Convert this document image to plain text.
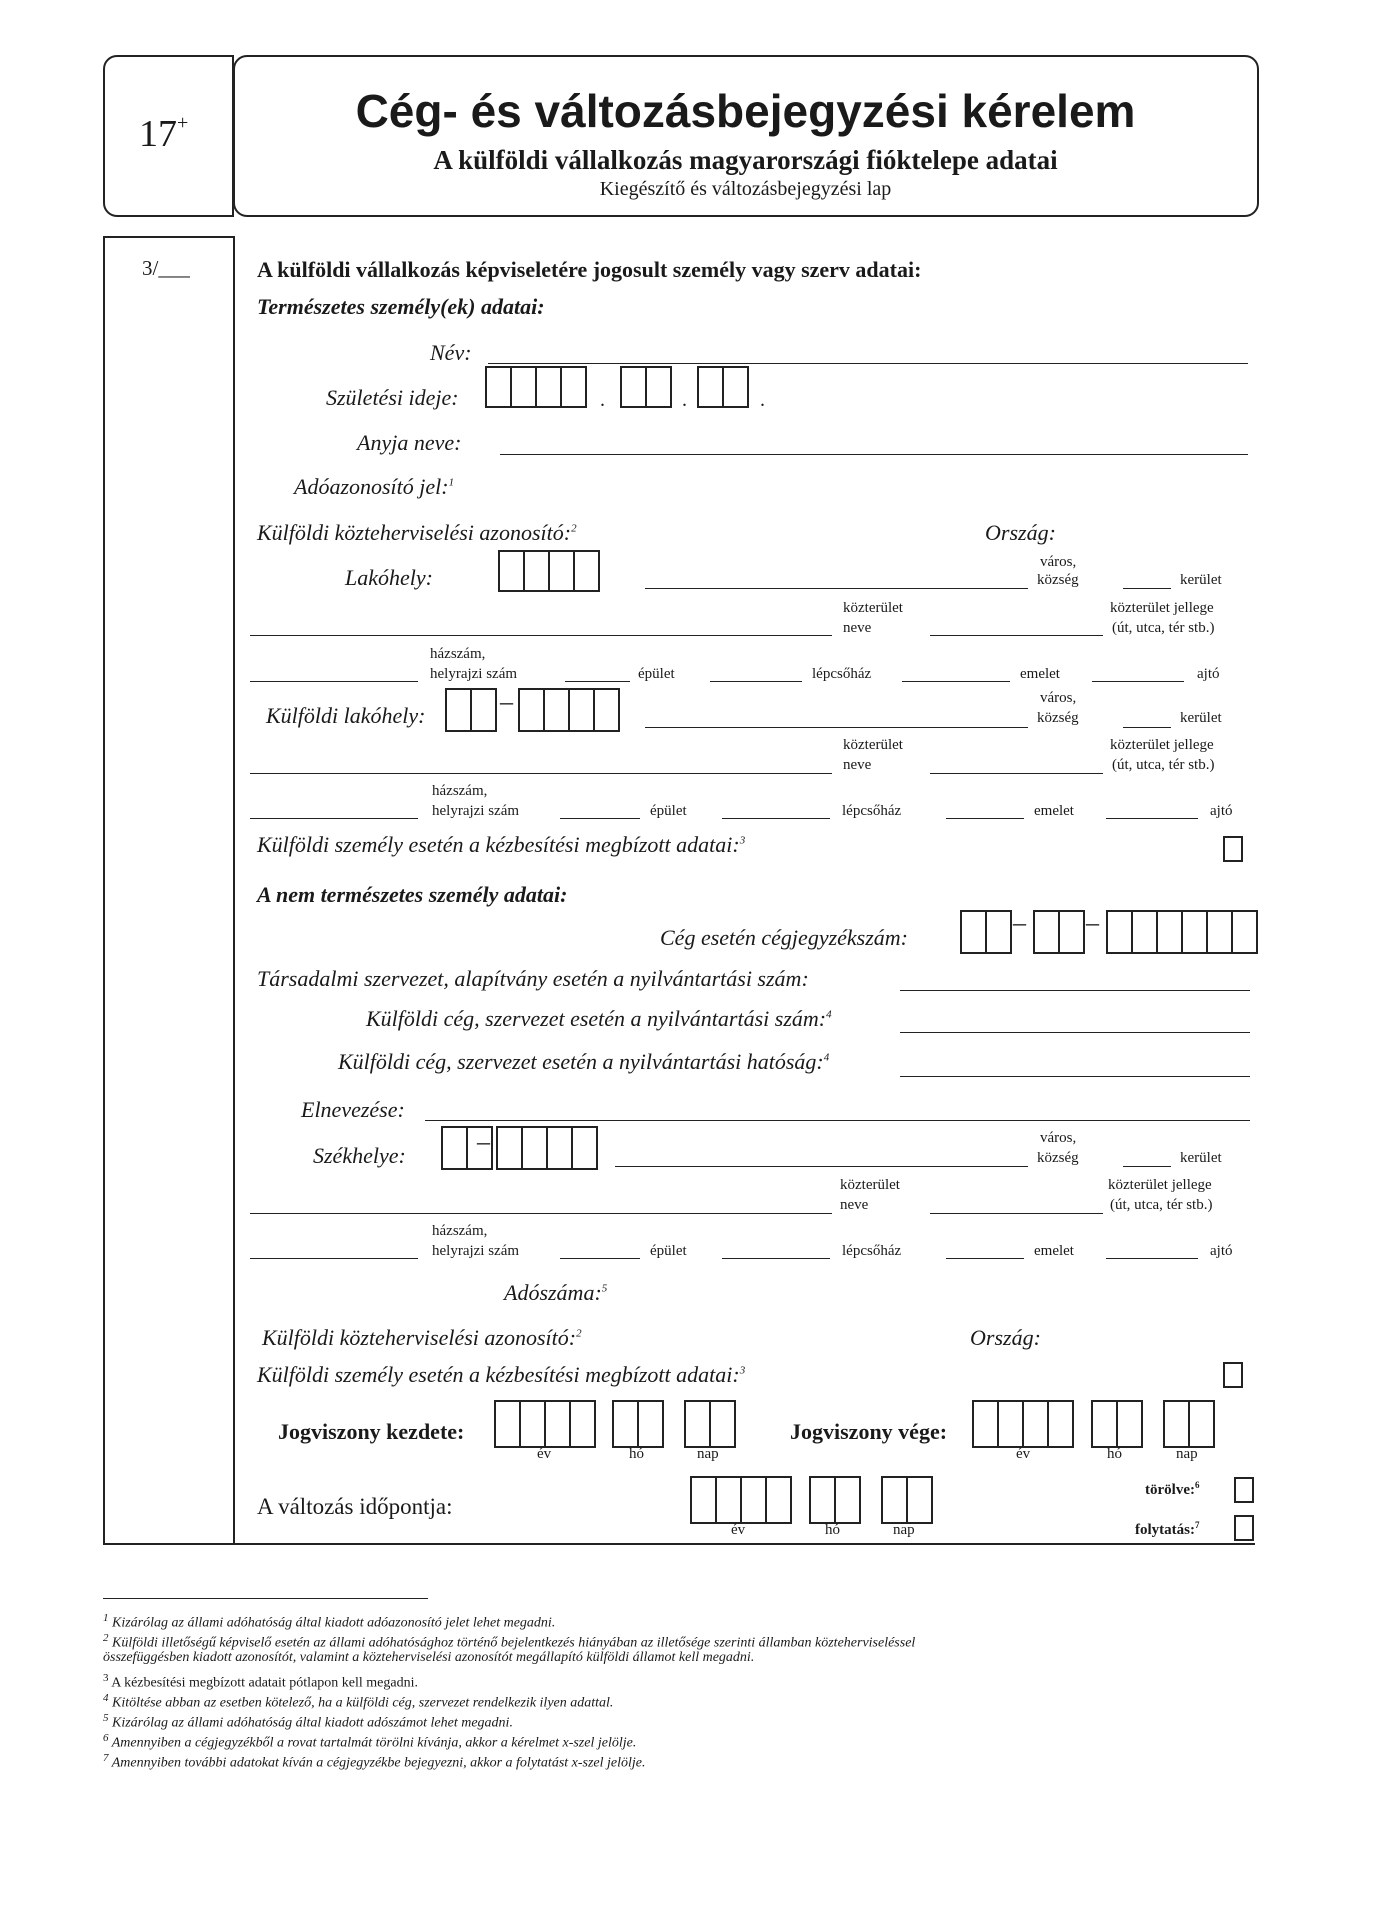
17+	Cég- és változásbejegyzési kérelem
A külföldi vállalkozás magyarországi fióktelepe adatai
Kiegészítő és változásbejegyzési lap
3/___	A külföldi vállalkozás képviseletére jogosult személy vagy szerv adatai:
Természetes személy(ek) adatai:
Név:
Születési ideje:	.	.	.
Anyja neve:
Adóazonosító jel:$^1$
Külföldi közteherviselési azonosító:$^2$	Ország:
Lakóhely:
város,
község	kerület
közterület
neve
közterület jellege
(út, utca, tér stb.)
házszám,
helyrajzi szám	épület	lépcsőház	emelet	ajtó
Külföldi lakóhely:	–	város,
község	kerület
közterület
neve
közterület jellege
(út, utca, tér stb.)
házszám,
helyrajzi szám	épület	lépcsőház	emelet	ajtó
Külföldi személy esetén a kézbesítési megbízott adatai:$^3$
A nem természetes személy adatai:
Cég esetén cégjegyzékszám:
– –
Társadalmi szervezet, alapítvány esetén a nyilvántartási szám:
Külföldi cég, szervezet esetén a nyilvántartási szám:$^4$
Külföldi cég, szervezet esetén a nyilvántartási hatóság:$^4$
Elnevezése:
Székhelye:	–	város,
község	kerület
közterület
neve
közterület jellege
(út, utca, tér stb.)
házszám,
helyrajzi szám	épület	lépcsőház	emelet	ajtó
Adószáma:$^5$
Külföldi közteherviselési azonosító:$^2$	Ország:
Külföldi személy esetén a kézbesítési megbízott adatai:$^3$
Jogviszony kezdete:
év	hó	nap
Jogviszony vége:
év	hó	nap
A változás időpontja:
év	hó	nap
törölve:$^6$
folytatás:$^7$
$^1$ Kizárólag az állami adóhatóság által kiadott adóazonosító jelet lehet megadni.
$^2$ Külföldi illetőségű képviselő esetén az állami adóhatósághoz történő bejelentkezés hiányában az illetősége szerinti államban közteherviseléssel
összefüggésben kiadott azonosítót, valamint a közteherviselési azonosítót megállapító külföldi államot kell megadni.
$^3$ A kézbesítési megbízott adatait pótlapon kell megadni.
$^4$ Kitöltése abban az esetben kötelező, ha a külföldi cég, szervezet rendelkezik ilyen adattal.
$^5$ Kizárólag az állami adóhatóság által kiadott adószámot lehet megadni.
$^6$ Amennyiben a cégjegyzékből a rovat tartalmát törölni kívánja, akkor a kérelmet x-szel jelölje.
$^7$ Amennyiben további adatokat kíván a cégjegyzékbe bejegyezni, akkor a folytatást x-szel jelölje.
